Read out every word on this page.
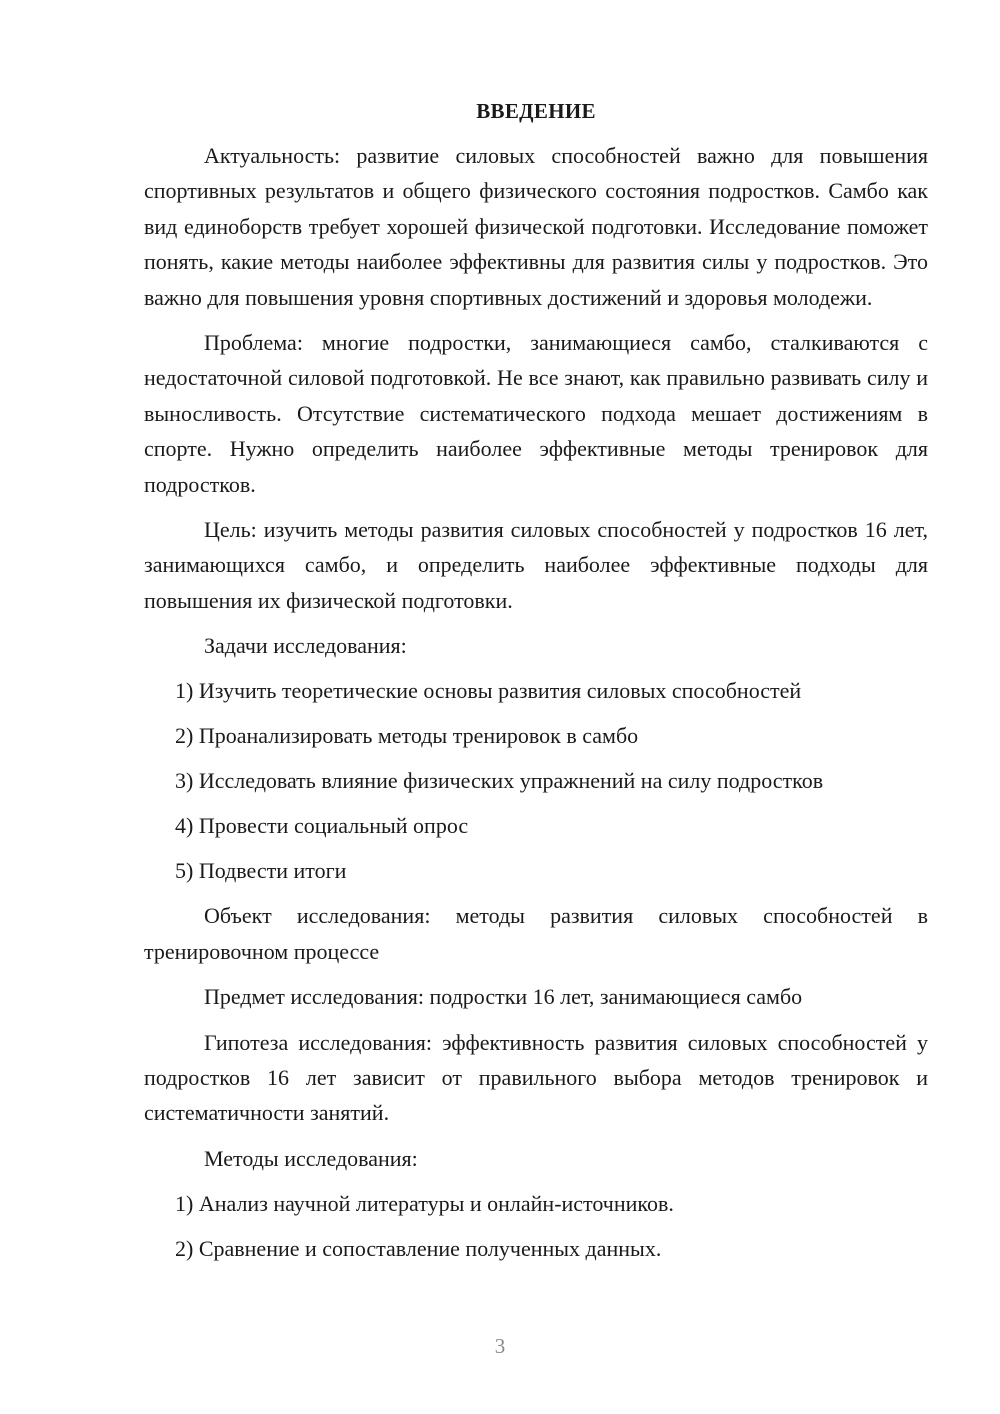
ВВЕДЕНИЕ

Актуальность: развитие силовых способностей важно для повышения спортивных результатов и общего физического состояния подростков. Самбо как вид единоборств требует хорошей физической подготовки. Исследование поможет понять, какие методы наиболее эффективны для развития силы у подростков. Это важно для повышения уровня спортивных достижений и здоровья молодежи.

Проблема: многие подростки, занимающиеся самбо, сталкиваются с недостаточной силовой подготовкой. Не все знают, как правильно развивать силу и выносливость. Отсутствие систематического подхода мешает достижениям в спорте. Нужно определить наиболее эффективные методы тренировок для подростков.

Цель: изучить методы развития силовых способностей у подростков 16 лет, занимающихся самбо, и определить наиболее эффективные подходы для повышения их физической подготовки.

Задачи исследования:
1) Изучить теоретические основы развития силовых способностей
2) Проанализировать методы тренировок в самбо
3) Исследовать влияние физических упражнений на силу подростков
4) Провести социальный опрос
5) Подвести итоги

Объект исследования: методы развития силовых способностей в тренировочном процессе

Предмет исследования: подростки 16 лет, занимающиеся самбо

Гипотеза исследования: эффективность развития силовых способностей у подростков 16 лет зависит от правильного выбора методов тренировок и систематичности занятий.

Методы исследования:
1) Анализ научной литературы и онлайн-источников.
2) Сравнение и сопоставление полученных данных.
3
